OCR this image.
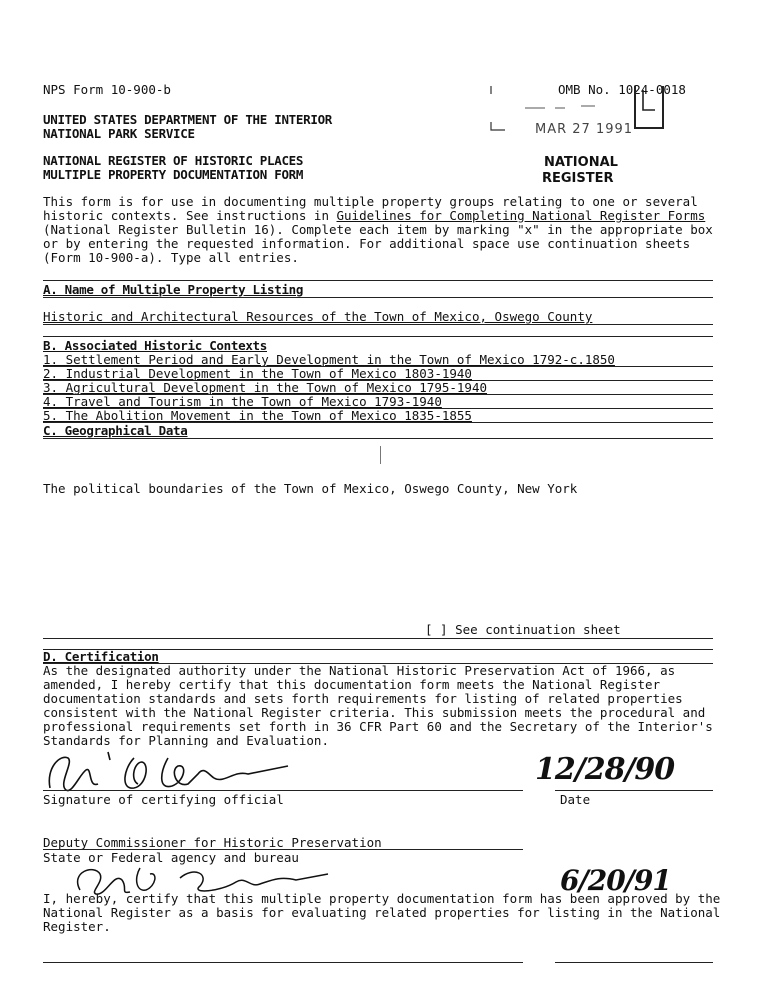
NPS Form 10-900-b	OMB No. 1024-0018
MAR 27 1991
UNITED STATES DEPARTMENT OF THE INTERIOR
NATIONAL PARK SERVICE
NATIONAL REGISTER OF HISTORIC PLACES
MULTIPLE PROPERTY DOCUMENTATION FORM
NATIONAL
REGISTER
This form is for use in documenting multiple property groups relating to one or several historic contexts. See instructions in Guidelines for Completing National Register Forms (National Register Bulletin 16). Complete each item by marking "x" in the appropriate box or by entering the requested information. For additional space use continuation sheets (Form 10-900-a). Type all entries.
A. Name of Multiple Property Listing
Historic and Architectural Resources of the Town of Mexico, Oswego County
B. Associated Historic Contexts
1. Settlement Period and Early Development in the Town of Mexico 1792-c.1850
2. Industrial Development in the Town of Mexico 1803-1940
3. Agricultural Development in the Town of Mexico 1795-1940
4. Travel and Tourism in the Town of Mexico 1793-1940
5. The Abolition Movement in the Town of Mexico 1835-1855
C. Geographical Data
The political boundaries of the Town of Mexico, Oswego County, New York
[ ] See continuation sheet
D. Certification
As the designated authority under the National Historic Preservation Act of 1966, as amended, I hereby certify that this documentation form meets the National Register documentation standards and sets forth requirements for listing of related properties consistent with the National Register criteria. This submission meets the procedural and professional requirements set forth in 36 CFR Part 60 and the Secretary of the Interior's Standards for Planning and Evaluation.
12/28/90
Signature of certifying official	Date
Deputy Commissioner for Historic Preservation
State or Federal agency and bureau
6/20/91
I, hereby, certify that this multiple property documentation form has been approved by the National Register as a basis for evaluating related properties for listing in the National Register.
